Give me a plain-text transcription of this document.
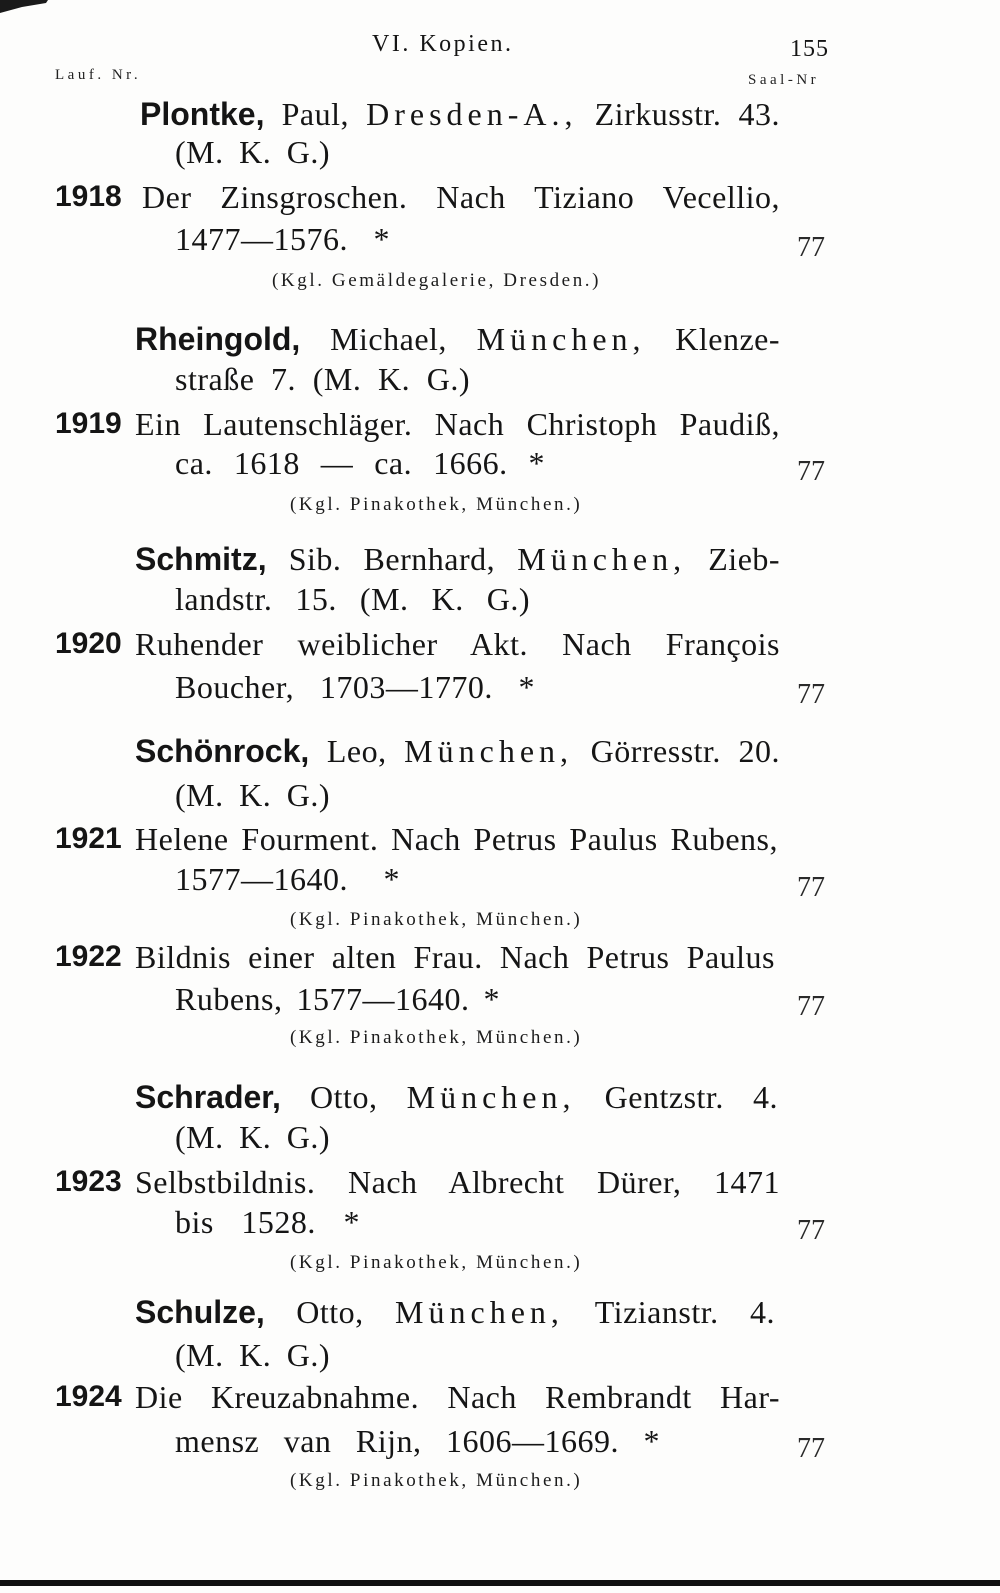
VI. Kopien.	155
Lauf. Nr.	Saal-Nr
Plontke, Paul, Dresden-A., Zirkusstr. 43.
(M. K. G.)
1918 Der Zinsgroschen. Nach Tiziano Vecellio,
1477—1576. *	77
(Kgl. Gemäldegalerie, Dresden.)
Rheingold, Michael, München, Klenze-
straße 7. (M. K. G.)
1919 Ein Lautenschläger. Nach Christoph Paudiß,
ca. 1618 — ca. 1666. *	77
(Kgl. Pinakothek, München.)
Schmitz, Sib. Bernhard, München, Zieb-
landstr. 15. (M. K. G.)
1920 Ruhender weiblicher Akt. Nach François
Boucher, 1703—1770. *	77
Schönrock, Leo, München, Görresstr. 20.
(M. K. G.)
1921 Helene Fourment. Nach Petrus Paulus Rubens,
1577—1640. *	77
(Kgl. Pinakothek, München.)
1922 Bildnis einer alten Frau. Nach Petrus Paulus
Rubens, 1577—1640. *	77
(Kgl. Pinakothek, München.)
Schrader, Otto, München, Gentzstr. 4.
(M. K. G.)
1923 Selbstbildnis. Nach Albrecht Dürer, 1471
bis 1528. *	77
(Kgl. Pinakothek, München.)
Schulze, Otto, München, Tizianstr. 4.
(M. K. G.)
1924 Die Kreuzabnahme. Nach Rembrandt Har-
mensz van Rijn, 1606—1669. *	77
(Kgl. Pinakothek, München.)
